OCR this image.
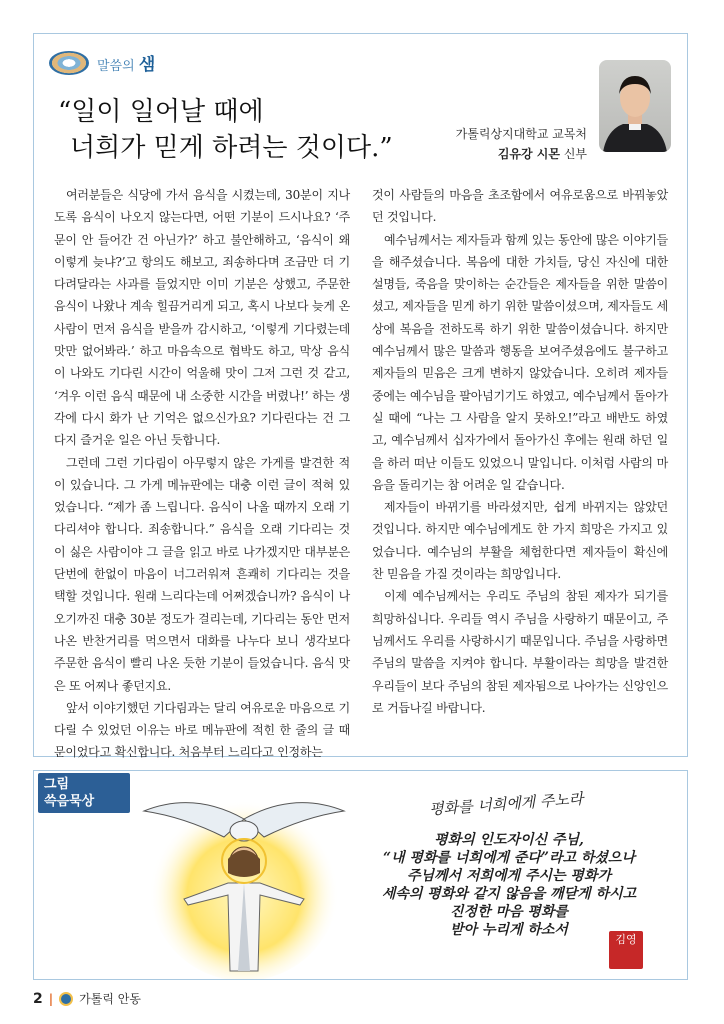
말씀의 샘
“일이 일어날 때에
너희가 믿게 하려는 것이다.”	가톨릭상지대학교 교목처
김유강 시몬 신부

여러분들은 식당에 가서 음식을 시켰는데, 30분이 지나도록 음식이 나오지 않는다면, 어떤 기분이 드시나요? ‘주문이 안 들어간 건 아닌가?’ 하고 불안해하고, ‘음식이 왜 이렇게 늦냐?’고 항의도 해보고, 죄송하다며 조금만 더 기다려달라는 사과를 들었지만 이미 기분은 상했고, 주문한 음식이 나왔나 계속 힐끔거리게 되고, 혹시 나보다 늦게 온 사람이 먼저 음식을 받을까 감시하고, ‘이렇게 기다렸는데 맛만 없어봐라.’ 하고 마음속으로 협박도 하고, 막상 음식이 나와도 기다린 시간이 억울해 맛이 그저 그런 것 같고, ‘겨우 이런 음식 때문에 내 소중한 시간을 버렸나!’ 하는 생각에 다시 화가 난 기억은 없으신가요? 기다린다는 건 그다지 즐거운 일은 아닌 듯합니다.

그런데 그런 기다림이 아무렇지 않은 가게를 발견한 적이 있습니다. 그 가게 메뉴판에는 대충 이런 글이 적혀 있었습니다. “제가 좀 느립니다. 음식이 나올 때까지 오래 기다리셔야 합니다. 죄송합니다.” 음식을 오래 기다리는 것이 싫은 사람이야 그 글을 읽고 바로 나가겠지만 대부분은 단번에 한없이 마음이 너그러워져 흔쾌히 기다리는 것을 택할 것입니다. 원래 느리다는데 어쩌겠습니까? 음식이 나오기까진 대충 30분 정도가 걸리는데, 기다리는 동안 먼저 나온 반찬거리를 먹으면서 대화를 나누다 보니 생각보다 주문한 음식이 빨리 나온 듯한 기분이 들었습니다. 음식 맛은 또 어찌나 좋던지요.

앞서 이야기했던 기다림과는 달리 여유로운 마음으로 기다릴 수 있었던 이유는 바로 메뉴판에 적힌 한 줄의 글 때문이었다고 확신합니다. 처음부터 느리다고 인정하는

것이 사람들의 마음을 초조함에서 여유로움으로 바꿔놓았던 것입니다.

예수님께서는 제자들과 함께 있는 동안에 많은 이야기들을 해주셨습니다. 복음에 대한 가치들, 당신 자신에 대한 설명들, 죽음을 맞이하는 순간들은 제자들을 위한 말씀이셨고, 제자들을 믿게 하기 위한 말씀이셨으며, 제자들도 세상에 복음을 전하도록 하기 위한 말씀이셨습니다. 하지만 예수님께서 많은 말씀과 행동을 보여주셨음에도 불구하고 제자들의 믿음은 크게 변하지 않았습니다. 오히려 제자들 중에는 예수님을 팔아넘기기도 하였고, 예수님께서 돌아가실 때에 “나는 그 사람을 알지 못하오!”라고 배반도 하였고, 예수님께서 십자가에서 돌아가신 후에는 원래 하던 일을 하러 떠난 이들도 있었으니 말입니다. 이처럼 사람의 마음을 돌리기는 참 어려운 일 같습니다.

제자들이 바뀌기를 바라셨지만, 쉽게 바뀌지는 않았던 것입니다. 하지만 예수님에게도 한 가지 희망은 가지고 있었습니다. 예수님의 부활을 체험한다면 제자들이 확신에 찬 믿음을 가질 것이라는 희망입니다.

이제 예수님께서는 우리도 주님의 참된 제자가 되기를 희망하십니다. 우리들 역시 주님을 사랑하기 때문이고, 주님께서도 우리를 사랑하시기 때문입니다. 주님을 사랑하면 주님의 말씀을 지켜야 합니다. 부활이라는 희망을 발견한 우리들이 보다 주님의 참된 제자됨으로 나아가는 신앙인으로 거듭나길 바랍니다.

그림
쓱음묵상	평화를 너희에게 주노라
평화의 인도자이신 주님,
“내 평화를 너희에게 준다”라고 하셨으나
주님께서 저희에게 주시는 평화가
세속의 평화와 같지 않음을 깨닫게 하시고
진정한 마음 평화를
받아 누리게 하소서
김영
2 | 가톨릭 안동
